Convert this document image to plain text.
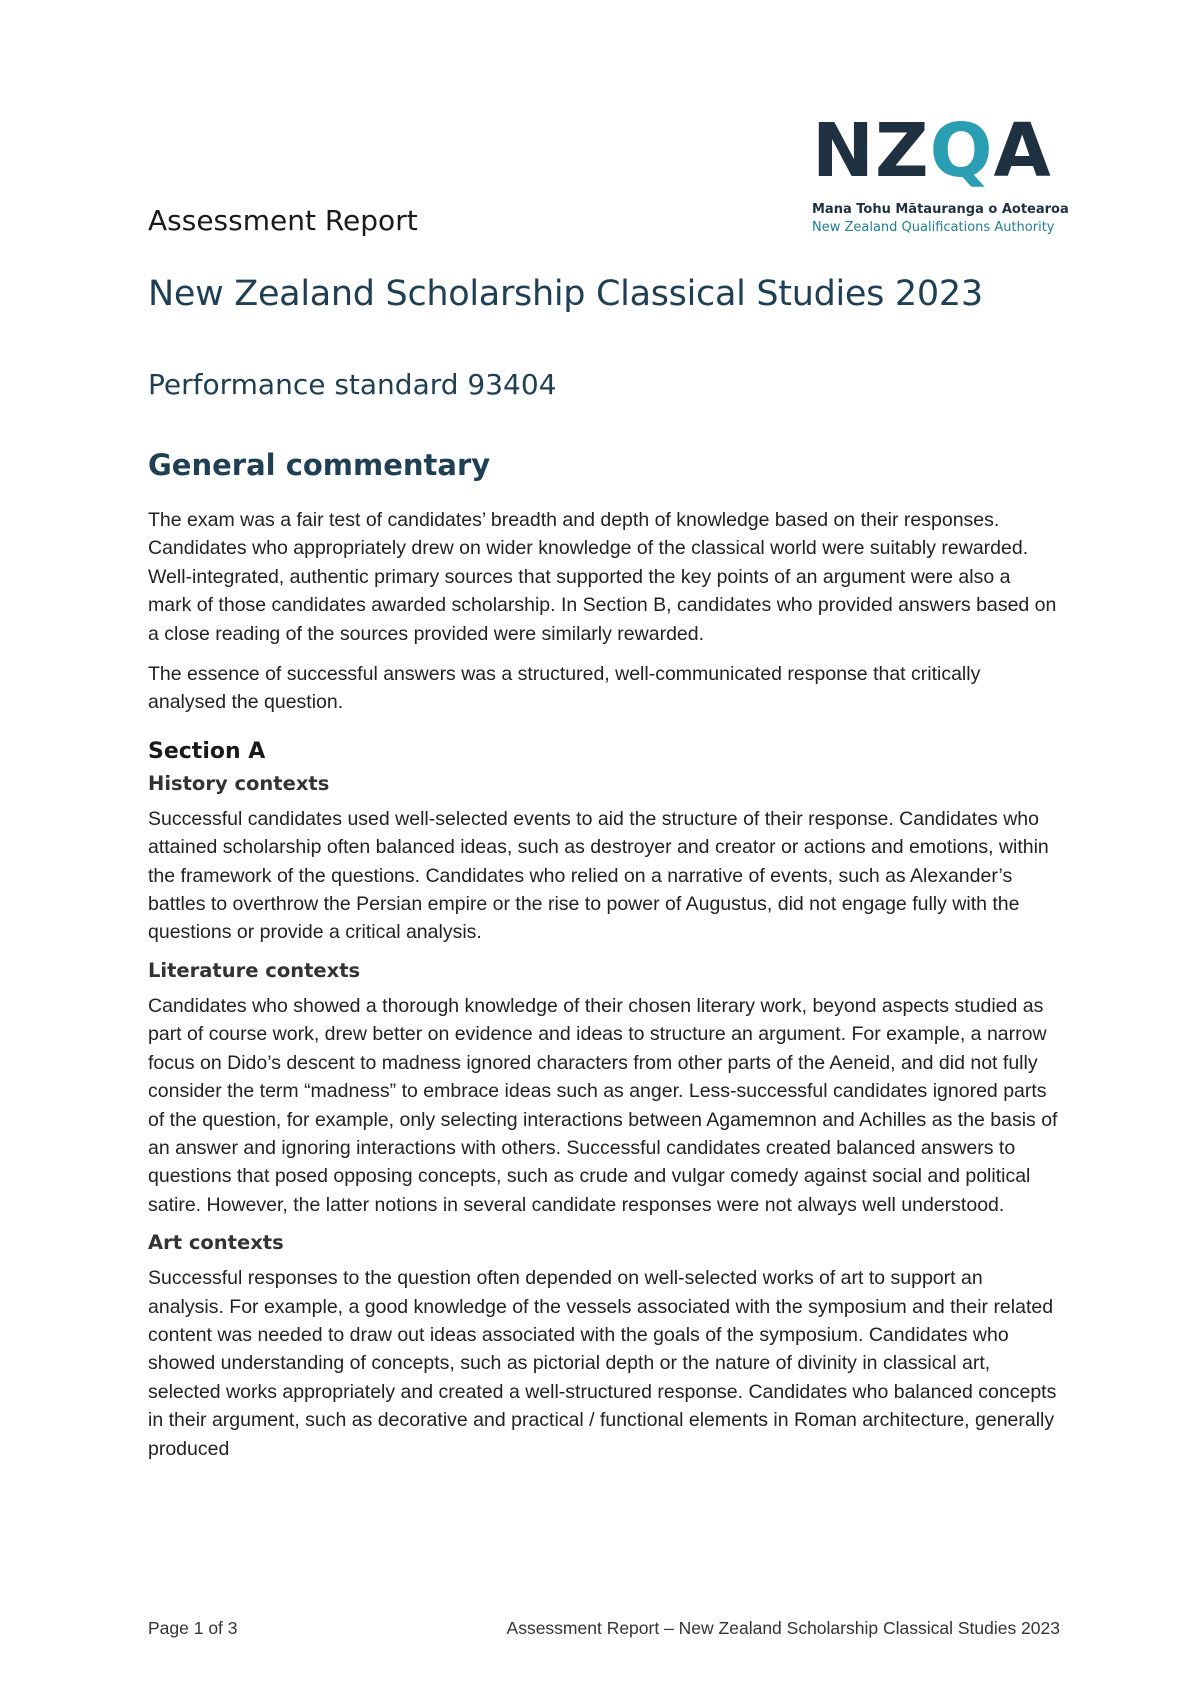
N Z Q A
Mana Tohu Mātauranga o Aotearoa
New Zealand Qualifications Authority
Assessment Report
New Zealand Scholarship Classical Studies 2023
Performance standard 93404
General commentary

The exam was a fair test of candidates’ breadth and depth of knowledge based on their responses. Candidates who appropriately drew on wider knowledge of the classical world were suitably rewarded. Well-integrated, authentic primary sources that supported the key points of an argument were also a mark of those candidates awarded scholarship. In Section B, candidates who provided answers based on a close reading of the sources provided were similarly rewarded.

The essence of successful answers was a structured, well-communicated response that critically analysed the question.

Section A
History contexts

Successful candidates used well-selected events to aid the structure of their response. Candidates who attained scholarship often balanced ideas, such as destroyer and creator or actions and emotions, within the framework of the questions. Candidates who relied on a narrative of events, such as Alexander’s battles to overthrow the Persian empire or the rise to power of Augustus, did not engage fully with the questions or provide a critical analysis.

Literature contexts

Candidates who showed a thorough knowledge of their chosen literary work, beyond aspects studied as part of course work, drew better on evidence and ideas to structure an argument. For example, a narrow focus on Dido’s descent to madness ignored characters from other parts of the Aeneid, and did not fully consider the term “madness” to embrace ideas such as anger. Less-successful candidates ignored parts of the question, for example, only selecting interactions between Agamemnon and Achilles as the basis of an answer and ignoring interactions with others. Successful candidates created balanced answers to questions that posed opposing concepts, such as crude and vulgar comedy against social and political satire. However, the latter notions in several candidate responses were not always well understood.

Art contexts

Successful responses to the question often depended on well-selected works of art to support an analysis. For example, a good knowledge of the vessels associated with the symposium and their related content was needed to draw out ideas associated with the goals of the symposium. Candidates who showed understanding of concepts, such as pictorial depth or the nature of divinity in classical art, selected works appropriately and created a well-structured response. Candidates who balanced concepts in their argument, such as decorative and practical / functional elements in Roman architecture, generally produced

Page 1 of 3	Assessment Report – New Zealand Scholarship Classical Studies 2023
